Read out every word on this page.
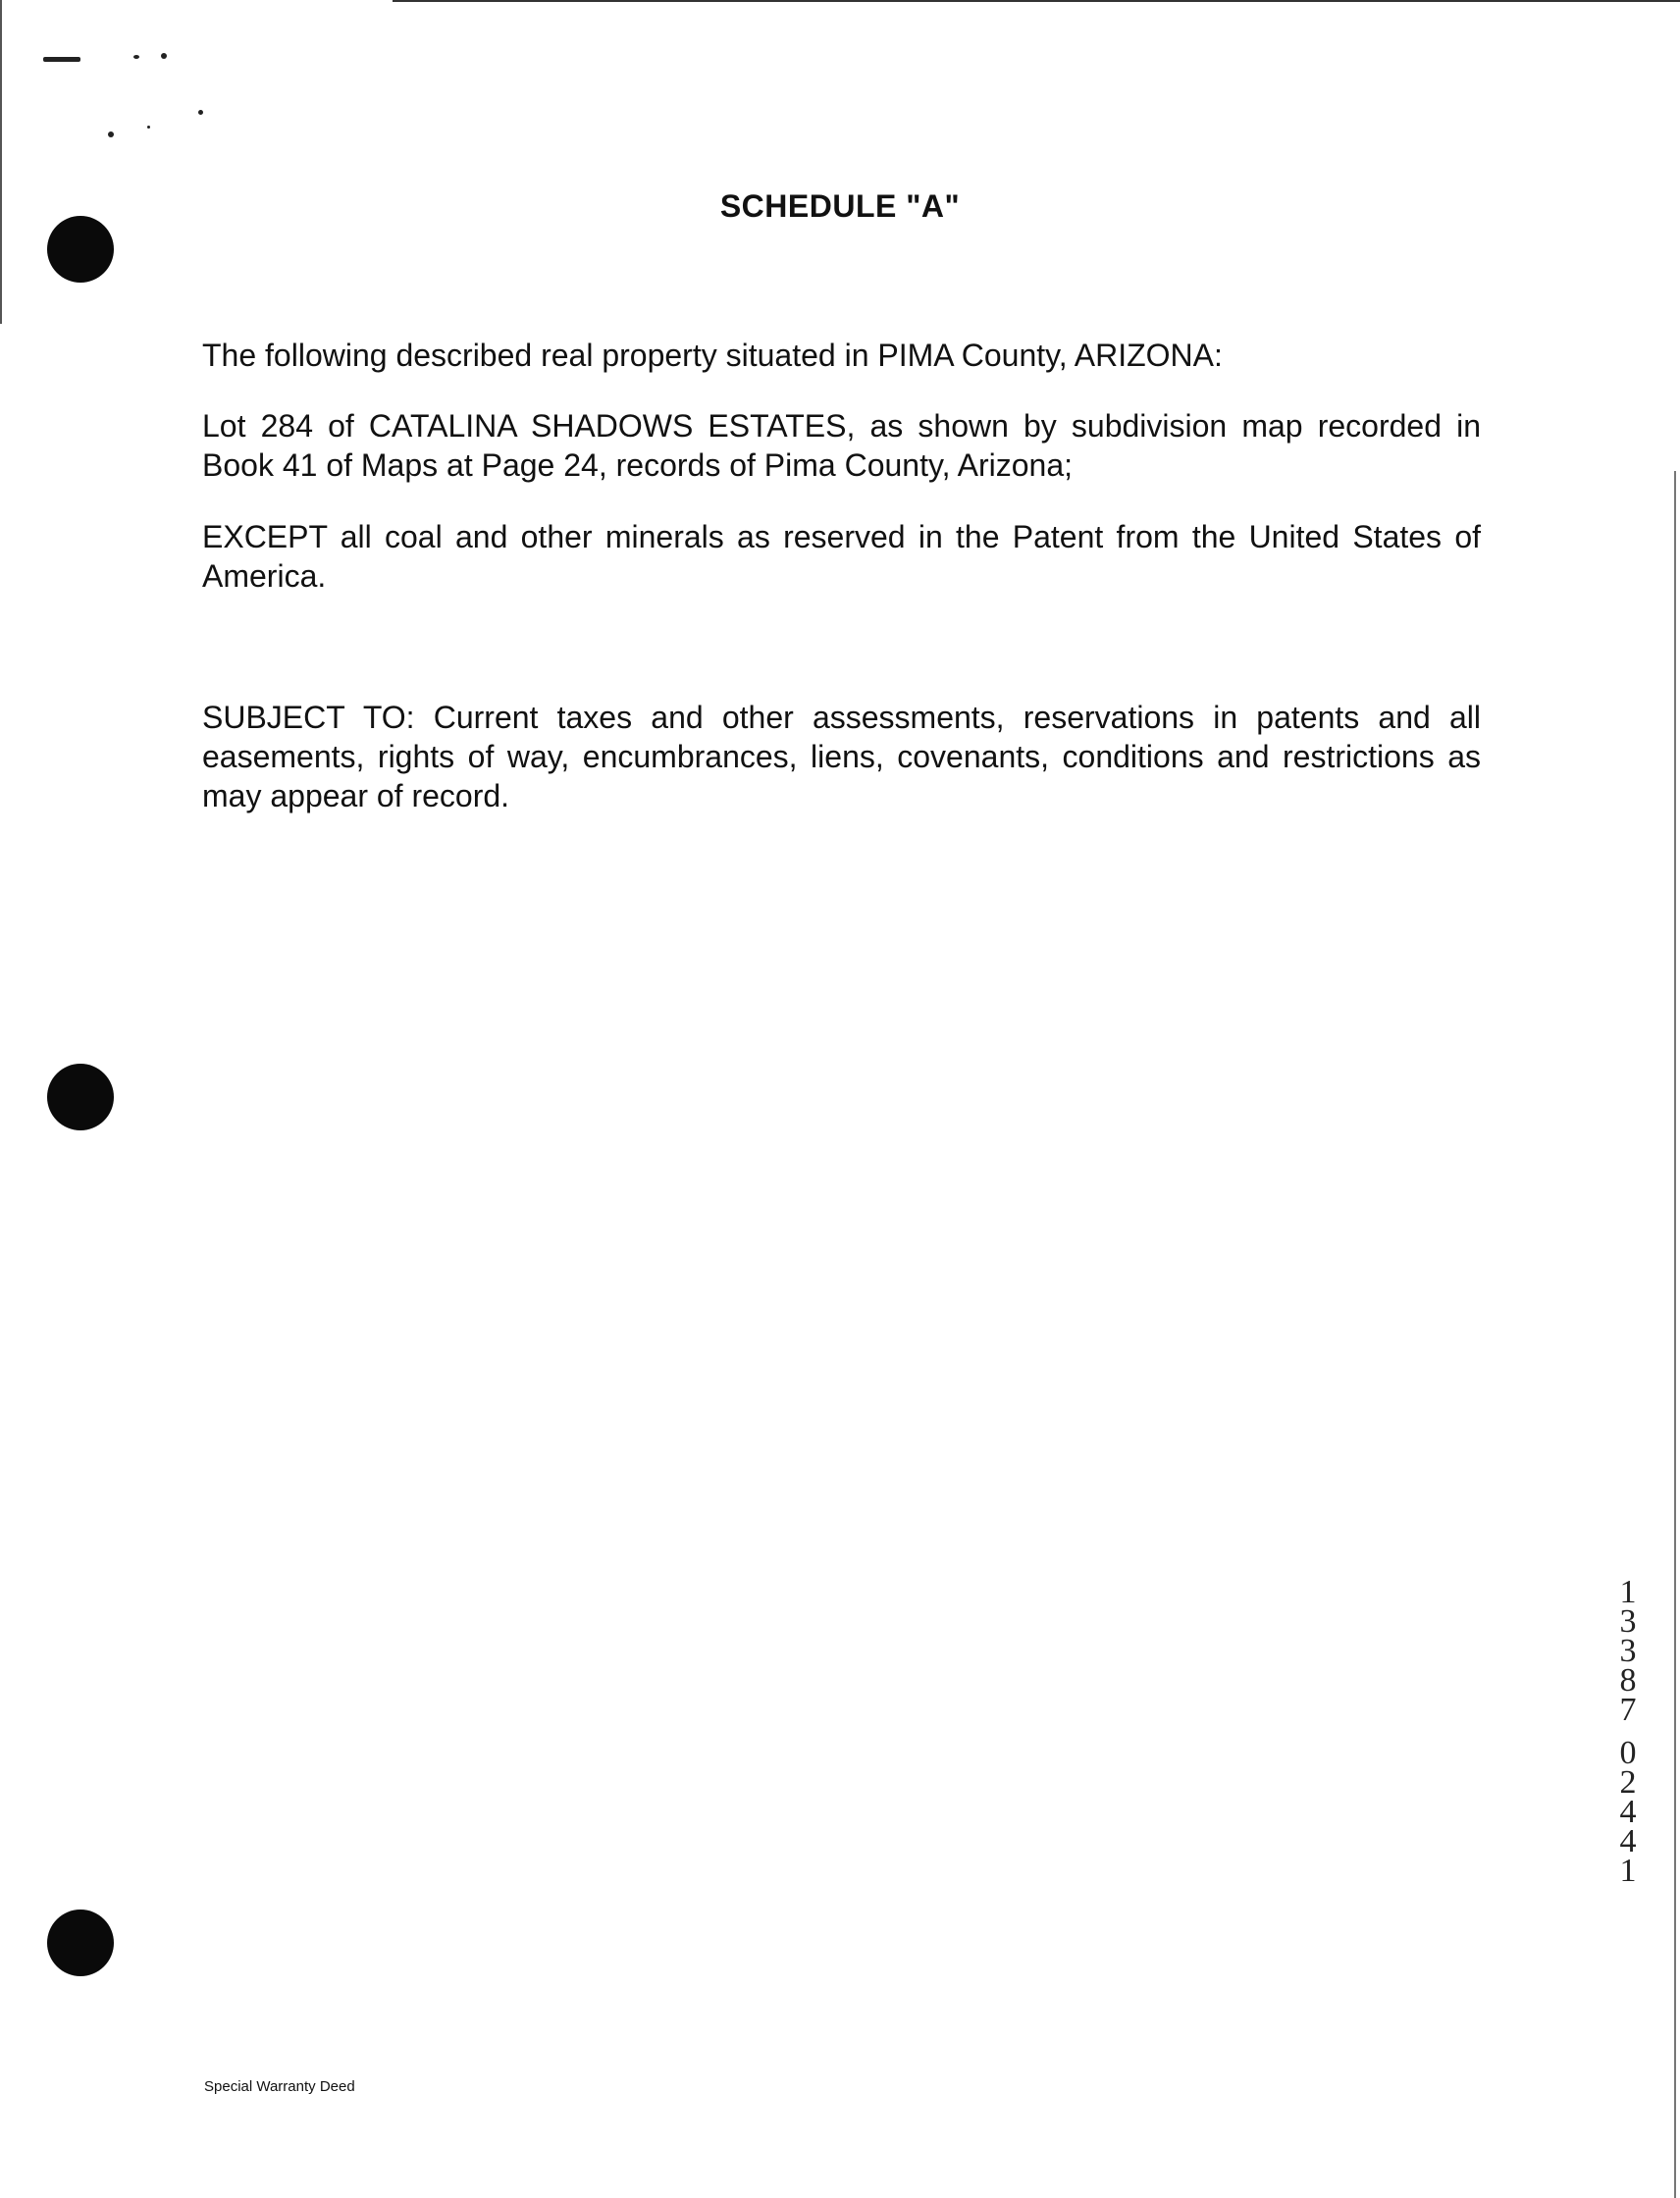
SCHEDULE "A"
The following described real property situated in PIMA County, ARIZONA:
Lot 284 of CATALINA SHADOWS ESTATES, as shown by subdivision map recorded in Book 41 of Maps at Page 24, records of Pima County, Arizona;
EXCEPT all coal and other minerals as reserved in the Patent from the United States of America.
SUBJECT TO: Current taxes and other assessments, reservations in patents and all easements, rights of way, encumbrances, liens, covenants, conditions and restrictions as may appear of record.
1
3
3
8
7

0
2
4
4
1
Special Warranty Deed
